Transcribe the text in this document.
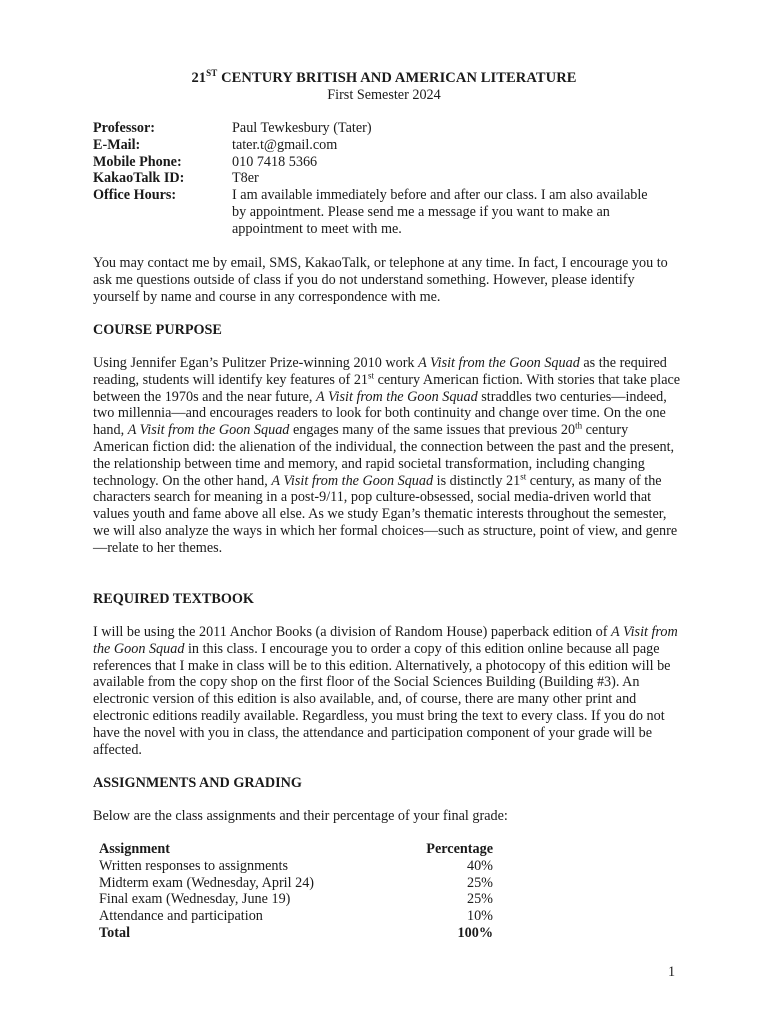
21ST CENTURY BRITISH AND AMERICAN LITERATURE
First Semester 2024
Professor:	Paul Tewkesbury (Tater)
E-Mail:	tater.t@gmail.com
Mobile Phone:	010 7418 5366
KakaoTalk ID:	T8er
Office Hours:	I am available immediately before and after our class. I am also available by appointment. Please send me a message if you want to make an appointment to meet with me.
You may contact me by email, SMS, KakaoTalk, or telephone at any time. In fact, I encourage you to ask me questions outside of class if you do not understand something. However, please identify yourself by name and course in any correspondence with me.
COURSE PURPOSE
Using Jennifer Egan’s Pulitzer Prize-winning 2010 work A Visit from the Goon Squad as the required reading, students will identify key features of 21st century American fiction. With stories that take place between the 1970s and the near future, A Visit from the Goon Squad straddles two centuries—indeed, two millennia—and encourages readers to look for both continuity and change over time. On the one hand, A Visit from the Goon Squad engages many of the same issues that previous 20th century American fiction did: the alienation of the individual, the connection between the past and the present, the relationship between time and memory, and rapid societal transformation, including changing technology. On the other hand, A Visit from the Goon Squad is distinctly 21st century, as many of the characters search for meaning in a post-9/11, pop culture-obsessed, social media-driven world that values youth and fame above all else. As we study Egan’s thematic interests throughout the semester, we will also analyze the ways in which her formal choices—such as structure, point of view, and genre—relate to her themes.
REQUIRED TEXTBOOK
I will be using the 2011 Anchor Books (a division of Random House) paperback edition of A Visit from the Goon Squad in this class. I encourage you to order a copy of this edition online because all page references that I make in class will be to this edition. Alternatively, a photocopy of this edition will be available from the copy shop on the first floor of the Social Sciences Building (Building #3). An electronic version of this edition is also available, and, of course, there are many other print and electronic editions readily available. Regardless, you must bring the text to every class. If you do not have the novel with you in class, the attendance and participation component of your grade will be affected.
ASSIGNMENTS AND GRADING
Below are the class assignments and their percentage of your final grade:
Assignment	Percentage
Written responses to assignments	40%
Midterm exam (Wednesday, April 24)	25%
Final exam (Wednesday, June 19)	25%
Attendance and participation	10%
Total	100%
1
